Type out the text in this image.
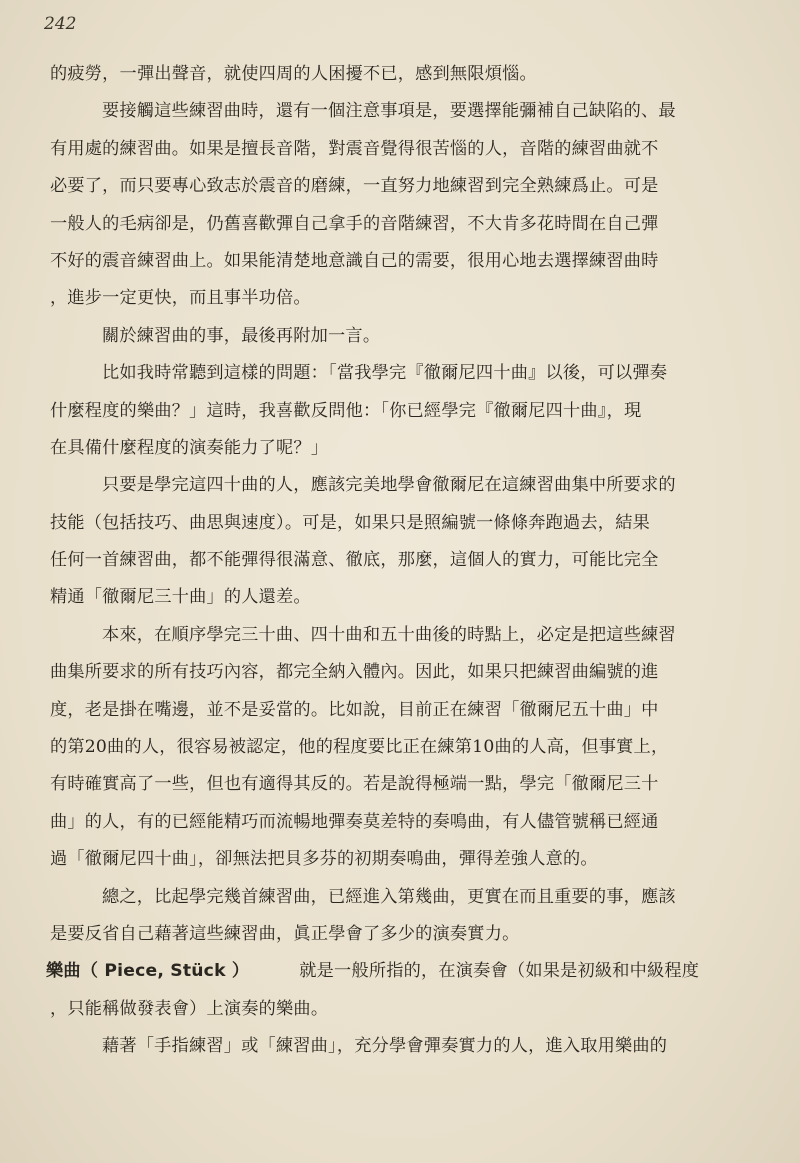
242
的疲勞，一彈出聲音，就使四周的人困擾不已，感到無限煩惱。
要接觸這些練習曲時，還有一個注意事項是，要選擇能彌補自己缺陷的、最
有用處的練習曲。如果是擅長音階，對震音覺得很苦惱的人，音階的練習曲就不
必要了，而只要專心致志於震音的磨練，一直努力地練習到完全熟練爲止。可是
一般人的毛病卻是，仍舊喜歡彈自己拿手的音階練習，不大肯多花時間在自己彈
不好的震音練習曲上。如果能清楚地意識自己的需要，很用心地去選擇練習曲時
，進步一定更快，而且事半功倍。
關於練習曲的事，最後再附加一言。
比如我時常聽到這樣的問題：「當我學完『徹爾尼四十曲』以後，可以彈奏
什麼程度的樂曲？」這時，我喜歡反問他：「你已經學完『徹爾尼四十曲』，現
在具備什麼程度的演奏能力了呢？」
只要是學完這四十曲的人，應該完美地學會徹爾尼在這練習曲集中所要求的
技能（包括技巧、曲思與速度）。可是，如果只是照編號一條條奔跑過去，結果
任何一首練習曲，都不能彈得很滿意、徹底，那麼，這個人的實力，可能比完全
精通「徹爾尼三十曲」的人還差。
本來，在順序學完三十曲、四十曲和五十曲後的時點上，必定是把這些練習
曲集所要求的所有技巧內容，都完全納入體內。因此，如果只把練習曲編號的進
度，老是掛在嘴邊，並不是妥當的。比如說，目前正在練習「徹爾尼五十曲」中
的第20曲的人，很容易被認定，他的程度要比正在練第10曲的人高，但事實上，
有時確實高了一些，但也有適得其反的。若是說得極端一點，學完「徹爾尼三十
曲」的人，有的已經能精巧而流暢地彈奏莫差特的奏鳴曲，有人儘管號稱已經通
過「徹爾尼四十曲」，卻無法把貝多芬的初期奏鳴曲，彈得差強人意的。
總之，比起學完幾首練習曲，已經進入第幾曲，更實在而且重要的事，應該
是要反省自己藉著這些練習曲，眞正學會了多少的演奏實力。
樂曲（ Piece, Stück ）	就是一般所指的，在演奏會（如果是初級和中級程度
，只能稱做發表會）上演奏的樂曲。
藉著「手指練習」或「練習曲」，充分學會彈奏實力的人，進入取用樂曲的
